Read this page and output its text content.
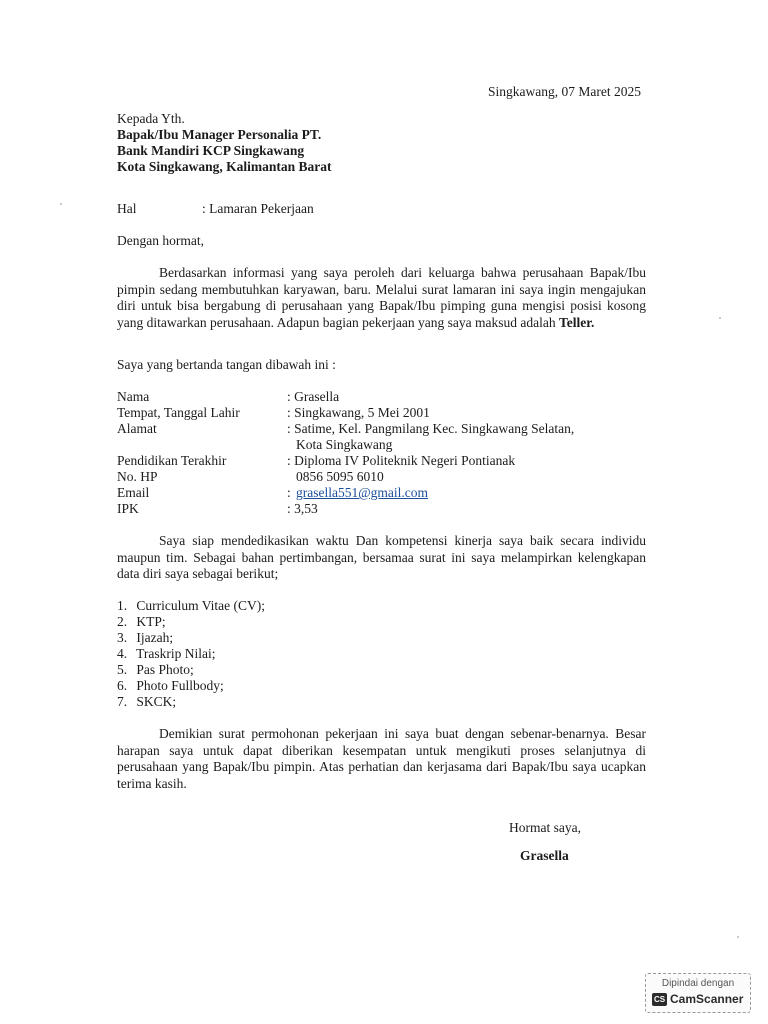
Singkawang, 07 Maret 2025
Kepada Yth.
Bapak/Ibu Manager Personalia PT.
Bank Mandiri KCP Singkawang
Kota Singkawang, Kalimantan Barat
Hal	: Lamaran Pekerjaan
Dengan hormat,
Berdasarkan informasi yang saya peroleh dari keluarga bahwa perusahaan Bapak/Ibu pimpin sedang membutuhkan karyawan, baru. Melalui surat lamaran ini saya ingin mengajukan diri untuk bisa bergabung di perusahaan yang Bapak/Ibu pimping guna mengisi posisi kosong yang ditawarkan perusahaan. Adapun bagian pekerjaan yang saya maksud adalah Teller.
Saya yang bertanda tangan dibawah ini :
Nama	: Grasella
Tempat, Tanggal Lahir	: Singkawang, 5 Mei 2001
Alamat	: Satime, Kel. Pangmilang Kec. Singkawang Selatan,
Kota Singkawang
Pendidikan Terakhir	: Diploma IV Politeknik Negeri Pontianak
No. HP	0856 5095 6010
Email	: grasella551@gmail.com
IPK	: 3,53
Saya siap mendedikasikan waktu Dan kompetensi kinerja saya baik secara individu maupun tim. Sebagai bahan pertimbangan, bersamaa surat ini saya melampirkan kelengkapan data diri saya sebagai berikut;
1. Curriculum Vitae (CV);
2. KTP;
3. Ijazah;
4. Traskrip Nilai;
5. Pas Photo;
6. Photo Fullbody;
7. SKCK;
Demikian surat permohonan pekerjaan ini saya buat dengan sebenar-benarnya. Besar harapan saya untuk dapat diberikan kesempatan untuk mengikuti proses selanjutnya di perusahaan yang Bapak/Ibu pimpin. Atas perhatian dan kerjasama dari Bapak/Ibu saya ucapkan terima kasih.
Hormat saya,
Grasella
Dipindai dengan
CS CamScanner
